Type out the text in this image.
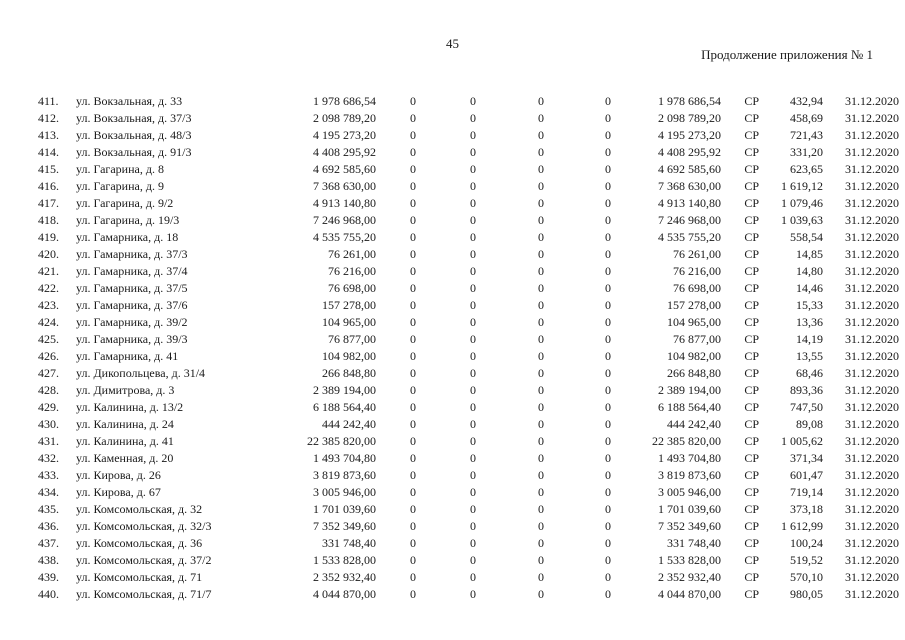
45
Продолжение приложения № 1
411.	ул. Вокзальная, д. 33	1 978 686,54	0	0	0	0	1 978 686,54	СР	432,94	31.12.2020
412.	ул. Вокзальная, д. 37/3	2 098 789,20	0	0	0	0	2 098 789,20	СР	458,69	31.12.2020
413.	ул. Вокзальная, д. 48/3	4 195 273,20	0	0	0	0	4 195 273,20	СР	721,43	31.12.2020
414.	ул. Вокзальная, д. 91/3	4 408 295,92	0	0	0	0	4 408 295,92	СР	331,20	31.12.2020
415.	ул. Гагарина, д. 8	4 692 585,60	0	0	0	0	4 692 585,60	СР	623,65	31.12.2020
416.	ул. Гагарина, д. 9	7 368 630,00	0	0	0	0	7 368 630,00	СР	1 619,12	31.12.2020
417.	ул. Гагарина, д. 9/2	4 913 140,80	0	0	0	0	4 913 140,80	СР	1 079,46	31.12.2020
418.	ул. Гагарина, д. 19/3	7 246 968,00	0	0	0	0	7 246 968,00	СР	1 039,63	31.12.2020
419.	ул. Гамарника, д. 18	4 535 755,20	0	0	0	0	4 535 755,20	СР	558,54	31.12.2020
420.	ул. Гамарника, д. 37/3	76 261,00	0	0	0	0	76 261,00	СР	14,85	31.12.2020
421.	ул. Гамарника, д. 37/4	76 216,00	0	0	0	0	76 216,00	СР	14,80	31.12.2020
422.	ул. Гамарника, д. 37/5	76 698,00	0	0	0	0	76 698,00	СР	14,46	31.12.2020
423.	ул. Гамарника, д. 37/6	157 278,00	0	0	0	0	157 278,00	СР	15,33	31.12.2020
424.	ул. Гамарника, д. 39/2	104 965,00	0	0	0	0	104 965,00	СР	13,36	31.12.2020
425.	ул. Гамарника, д. 39/3	76 877,00	0	0	0	0	76 877,00	СР	14,19	31.12.2020
426.	ул. Гамарника, д. 41	104 982,00	0	0	0	0	104 982,00	СР	13,55	31.12.2020
427.	ул. Дикопольцева, д. 31/4	266 848,80	0	0	0	0	266 848,80	СР	68,46	31.12.2020
428.	ул. Димитрова, д. 3	2 389 194,00	0	0	0	0	2 389 194,00	СР	893,36	31.12.2020
429.	ул. Калинина, д. 13/2	6 188 564,40	0	0	0	0	6 188 564,40	СР	747,50	31.12.2020
430.	ул. Калинина, д. 24	444 242,40	0	0	0	0	444 242,40	СР	89,08	31.12.2020
431.	ул. Калинина, д. 41	22 385 820,00	0	0	0	0	22 385 820,00	СР	1 005,62	31.12.2020
432.	ул. Каменная, д. 20	1 493 704,80	0	0	0	0	1 493 704,80	СР	371,34	31.12.2020
433.	ул. Кирова, д. 26	3 819 873,60	0	0	0	0	3 819 873,60	СР	601,47	31.12.2020
434.	ул. Кирова, д. 67	3 005 946,00	0	0	0	0	3 005 946,00	СР	719,14	31.12.2020
435.	ул. Комсомольская, д. 32	1 701 039,60	0	0	0	0	1 701 039,60	СР	373,18	31.12.2020
436.	ул. Комсомольская, д. 32/3	7 352 349,60	0	0	0	0	7 352 349,60	СР	1 612,99	31.12.2020
437.	ул. Комсомольская, д. 36	331 748,40	0	0	0	0	331 748,40	СР	100,24	31.12.2020
438.	ул. Комсомольская, д. 37/2	1 533 828,00	0	0	0	0	1 533 828,00	СР	519,52	31.12.2020
439.	ул. Комсомольская, д. 71	2 352 932,40	0	0	0	0	2 352 932,40	СР	570,10	31.12.2020
440.	ул. Комсомольская, д. 71/7	4 044 870,00	0	0	0	0	4 044 870,00	СР	980,05	31.12.2020
